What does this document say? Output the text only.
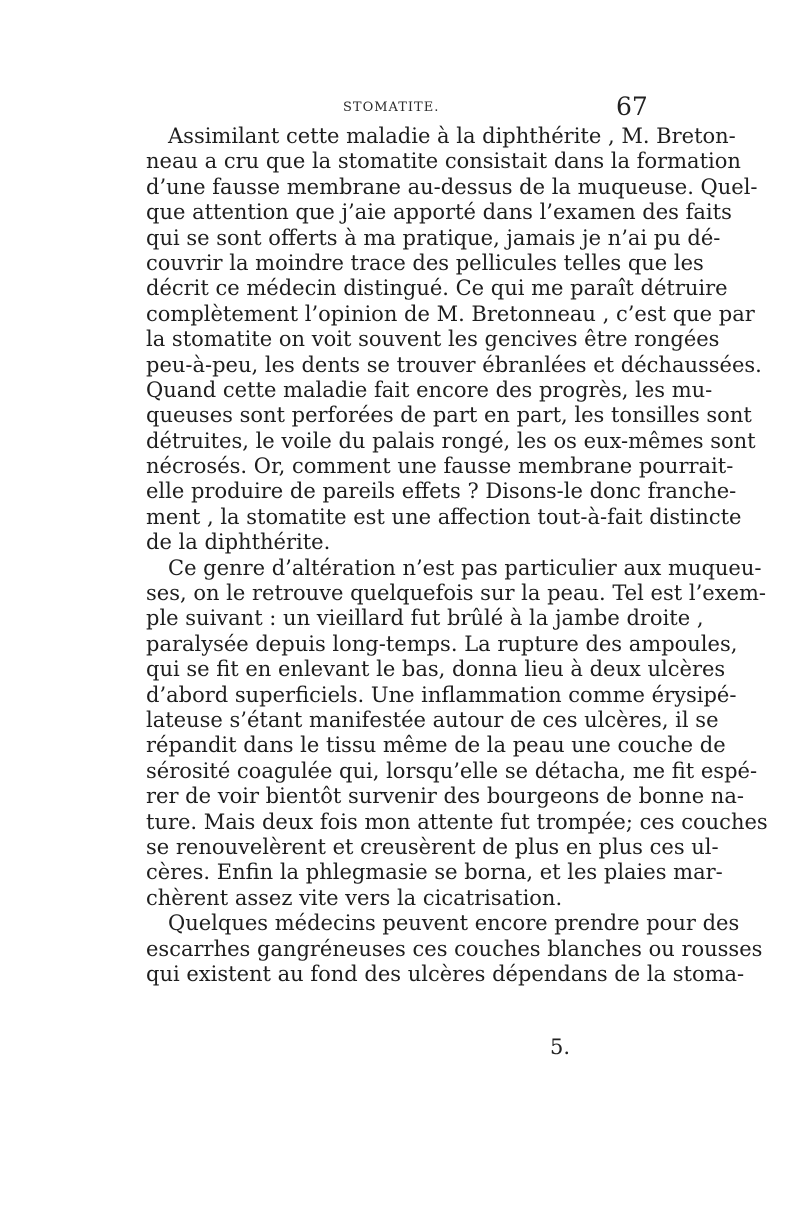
STOMATITE.	67
Assimilant cette maladie à la diphthérite , M. Breton-
neau a cru que la stomatite consistait dans la formation
d’une fausse membrane au-dessus de la muqueuse. Quel-
que attention que j’aie apporté dans l’examen des faits
qui se sont offerts à ma pratique, jamais je n’ai pu dé-
couvrir la moindre trace des pellicules telles que les
décrit ce médecin distingué. Ce qui me paraît détruire
complètement l’opinion de M. Bretonneau , c’est que par
la stomatite on voit souvent les gencives être rongées
peu-à-peu, les dents se trouver ébranlées et déchaussées.
Quand cette maladie fait encore des progrès, les mu-
queuses sont perforées de part en part, les tonsilles sont
détruites, le voile du palais rongé, les os eux-mêmes sont
nécrosés. Or, comment une fausse membrane pourrait-
elle produire de pareils effets ? Disons-le donc franche-
ment , la stomatite est une affection tout-à-fait distincte
de la diphthérite.
Ce genre d’altération n’est pas particulier aux muqueu-
ses, on le retrouve quelquefois sur la peau. Tel est l’exem-
ple suivant : un vieillard fut brûlé à la jambe droite ,
paralysée depuis long-temps. La rupture des ampoules,
qui se fit en enlevant le bas, donna lieu à deux ulcères
d’abord superficiels. Une inflammation comme érysipé-
lateuse s’étant manifestée autour de ces ulcères, il se
répandit dans le tissu même de la peau une couche de
sérosité coagulée qui, lorsqu’elle se détacha, me fit espé-
rer de voir bientôt survenir des bourgeons de bonne na-
ture. Mais deux fois mon attente fut trompée; ces couches
se renouvelèrent et creusèrent de plus en plus ces ul-
cères. Enfin la phlegmasie se borna, et les plaies mar-
chèrent assez vite vers la cicatrisation.
Quelques médecins peuvent encore prendre pour des
escarrhes gangréneuses ces couches blanches ou rousses
qui existent au fond des ulcères dépendans de la stoma-
5.
